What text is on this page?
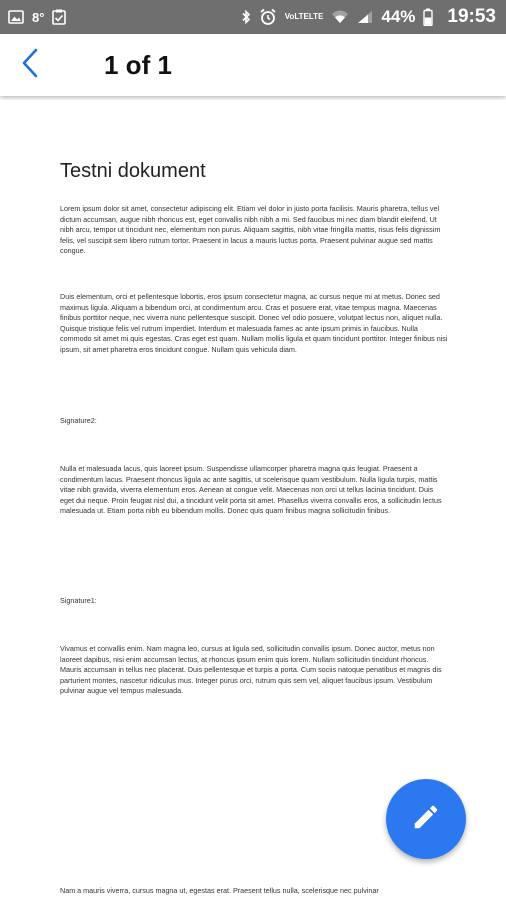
8°	VoLTE LTE	44% 19:53
1 of 1
Testni dokument
Lorem ipsum dolor sit amet, consectetur adipiscing elit. Etiam vel dolor in justo porta facilisis. Mauris pharetra, tellus vel dictum accumsan, augue nibh rhoncus est, eget convallis nibh nibh a mi. Sed faucibus mi nec diam blandit eleifend. Ut nibh arcu, tempor ut tincidunt nec, elementum non purus. Aliquam sagittis, nibh vitae fringilla mattis, risus felis dignissim felis, vel suscipit sem libero rutrum tortor. Praesent in lacus a mauris luctus porta. Praesent pulvinar augue sed mattis congue.
Duis elementum, orci et pellentesque lobortis, eros ipsum consectetur magna, ac cursus neque mi at metus. Donec sed maximus ligula. Aliquam a bibendum orci, at condimentum arcu. Cras et posuere erat, vitae tempus magna. Maecenas finibus porttitor neque, nec viverra nunc pellentesque suscipit. Donec vel odio posuere, volutpat lectus non, aliquet nulla. Quisque tristique felis vel rutrum imperdiet. Interdum et malesuada fames ac ante ipsum primis in faucibus. Nulla commodo sit amet mi quis egestas. Cras eget est quam. Nullam mollis ligula et quam tincidunt porttitor. Integer finibus nisi ipsum, sit amet pharetra eros tincidunt congue. Nullam quis vehicula diam.
Signature2:
Nulla et malesuada lacus, quis laoreet ipsum. Suspendisse ullamcorper pharetra magna quis feugiat. Praesent a condimentum lacus. Praesent rhoncus ligula ac ante sagittis, ut scelerisque quam vestibulum. Nulla ligula turpis, mattis vitae nibh gravida, viverra elementum eros. Aenean at congue velit. Maecenas non orci ut tellus lacinia tincidunt. Duis eget dui neque. Proin feugiat nisl dui, a tincidunt velit porta sit amet. Phasellus viverra convallis eros, a sollicitudin lectus malesuada ut. Etiam porta nibh eu bibendum mollis. Donec quis quam finibus magna sollicitudin finibus.
Signature1:
Vivamus et convallis enim. Nam magna leo, cursus at ligula sed, sollicitudin convallis ipsum. Donec auctor, metus non laoreet dapibus, nisi enim accumsan lectus, at rhoncus ipsum enim quis lorem. Nullam sollicitudin tincidunt rhoncus. Mauris accumsan in tellus nec placerat. Duis pellentesque et turpis a porta. Cum sociis natoque penatibus et magnis dis parturient montes, nascetur ridiculus mus. Integer purus orci, rutrum quis sem vel, aliquet faucibus ipsum. Vestibulum pulvinar augue vel tempus malesuada.
Nam a mauris viverra, cursus magna ut, egestas erat. Praesent tellus nulla, scelerisque nec pulvinar
